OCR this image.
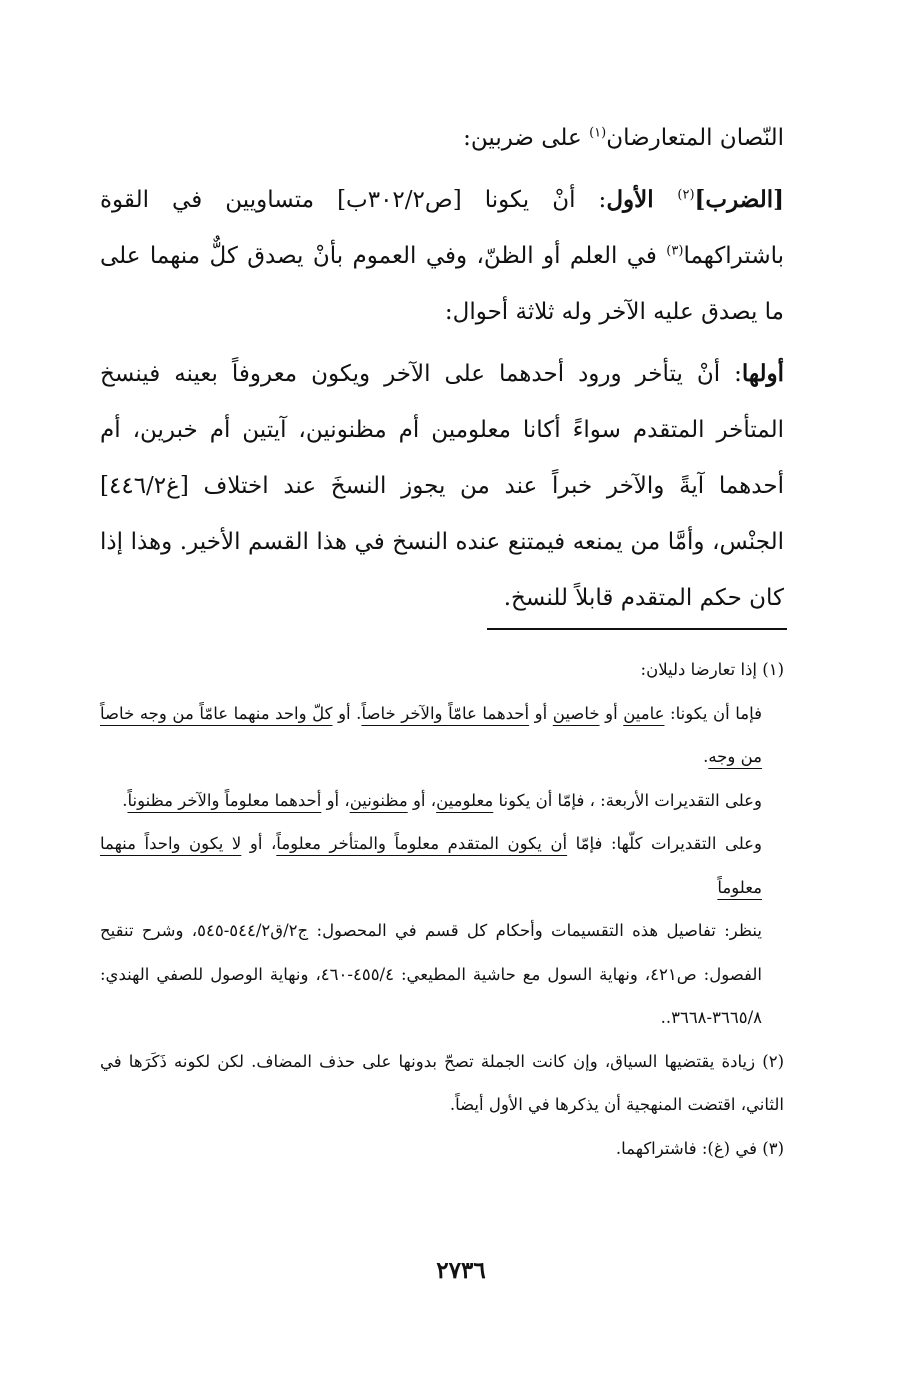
النّصان المتعارضان$^{(١)}$ على ضربين:

[الضرب]$^{(٢)}$ الأول: أنْ يكونا [ص٣٠٢/٢ب] متساويين في القوة باشتراكهما$^{(٣)}$ في العلم أو الظنّ، وفي العموم بأنْ يصدق كلٌّ منهما على ما يصدق عليه الآخر وله ثلاثة أحوال:

أولها: أنْ يتأخر ورود أحدهما على الآخر ويكون معروفاً بعينه فينسخ المتأخر المتقدم سواءً أكانا معلومين أم مظنونين، آيتين أم خبرين، أم أحدهما آيةً والآخر خبراً عند من يجوز النسخَ عند اختلاف [غ٤٤٦/٢] الجنْس، وأمَّا من يمنعه فيمتنع عنده النسخ في هذا القسم الأخير. وهذا إذا كان حكم المتقدم قابلاً للنسخ.

(١) إذا تعارضا دليلان:

فإما أن يكونا: عامين أو خاصين أو أحدهما عامّاً والآخر خاصاً. أو كلّ واحد منهما عامّاً من وجه خاصاً من وجه.

وعلى التقديرات الأربعة: ، فإمّا أن يكونا معلومين، أو مظنونين، أو أحدهما معلوماً والآخر مظنوناً.

وعلى التقديرات كلّها: فإمّا أن يكون المتقدم معلوماً والمتأخر معلوماً، أو لا يكون واحداً منهما معلوماً

ينظر: تفاصيل هذه التقسيمات وأحكام كل قسم في المحصول: ج٢/ق٥٤٤/٢-٥٤٥، وشرح تنقيح الفصول: ص٤٢١، ونهاية السول مع حاشية المطيعي: ٤٥٥/٤-٤٦٠، ونهاية الوصول للصفي الهندي: ٣٦٦٥/٨-٣٦٦٨..

(٢) زيادة يقتضيها السياق، وإن كانت الجملة تصحّ بدونها على حذف المضاف. لكن لكونه ذَكَرَها في الثاني، اقتضت المنهجية أن يذكرها في الأول أيضاً.

(٣) في (غ): فاشتراكهما.

٢٧٣٦
